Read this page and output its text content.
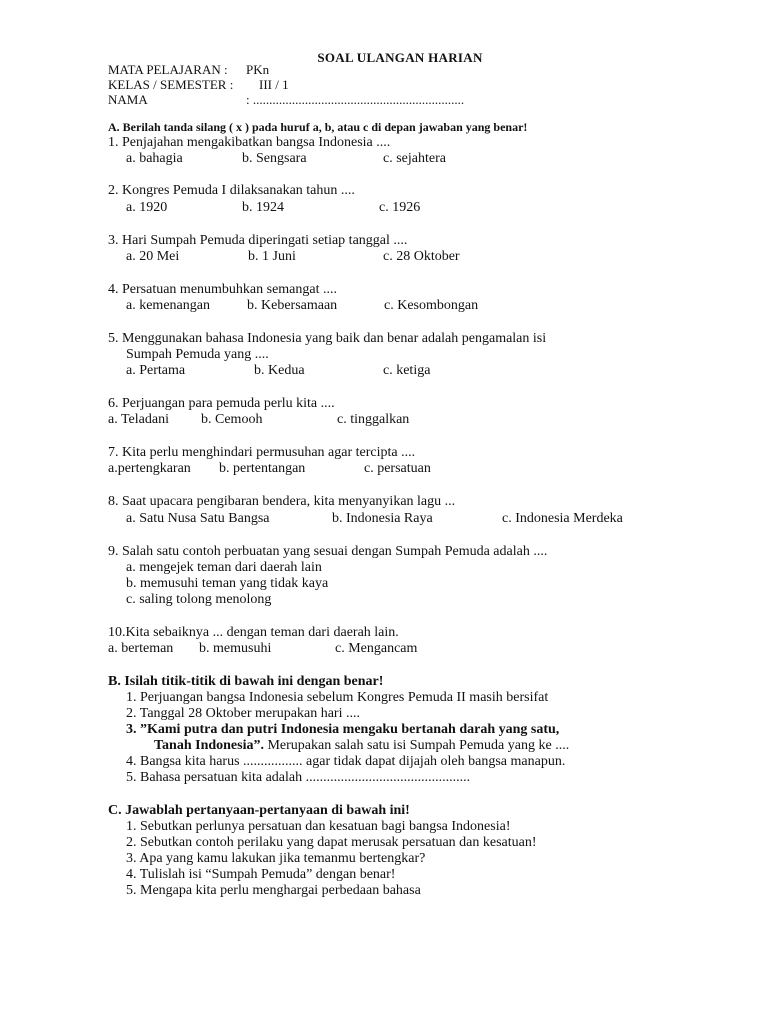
SOAL ULANGAN HARIAN
MATA PELAJARAN : PKn
KELAS / SEMESTER : III / 1
NAMA	: .................................................................
A. Berilah tanda silang ( x ) pada huruf a, b, atau c di depan jawaban yang benar!
1. Penjajahan mengakibatkan bangsa Indonesia ....
a. bahagia	b. Sengsara	c. sejahtera
2. Kongres Pemuda I dilaksanakan tahun ....
a. 1920	b. 1924	c. 1926
3. Hari Sumpah Pemuda diperingati setiap tanggal ....
a. 20 Mei	b. 1 Juni	c. 28 Oktober
4. Persatuan menumbuhkan semangat ....
a. kemenangan	b. Kebersamaan	c. Kesombongan
5. Menggunakan bahasa Indonesia yang baik dan benar adalah pengamalan isi
Sumpah Pemuda yang ....
a. Pertama	b. Kedua	c. ketiga
6. Perjuangan para pemuda perlu kita ....
a. Teladani b. Cemooh	c. tinggalkan
7. Kita perlu menghindari permusuhan agar tercipta ....
a.pertengkaran b. pertentangan	c. persatuan
8. Saat upacara pengibaran bendera, kita menyanyikan lagu ...
a. Satu Nusa Satu Bangsa	b. Indonesia Raya	c. Indonesia Merdeka
9. Salah satu contoh perbuatan yang sesuai dengan Sumpah Pemuda adalah ....
a. mengejek teman dari daerah lain
b. memusuhi teman yang tidak kaya
c. saling tolong menolong
10.Kita sebaiknya ... dengan teman dari daerah lain.
a. berteman b. memusuhi	c. Mengancam
B. Isilah titik-titik di bawah ini dengan benar!
1. Perjuangan bangsa Indonesia sebelum Kongres Pemuda II masih bersifat
2. Tanggal 28 Oktober merupakan hari ....
3. ”Kami putra dan putri Indonesia mengaku bertanah darah yang satu,
Tanah Indonesia”. Merupakan salah satu isi Sumpah Pemuda yang ke ....
4. Bangsa kita harus ................. agar tidak dapat dijajah oleh bangsa manapun.
5. Bahasa persatuan kita adalah ...............................................
C. Jawablah pertanyaan-pertanyaan di bawah ini!
1. Sebutkan perlunya persatuan dan kesatuan bagi bangsa Indonesia!
2. Sebutkan contoh perilaku yang dapat merusak persatuan dan kesatuan!
3. Apa yang kamu lakukan jika temanmu bertengkar?
4. Tulislah isi “Sumpah Pemuda” dengan benar!
5. Mengapa kita perlu menghargai perbedaan bahasa
